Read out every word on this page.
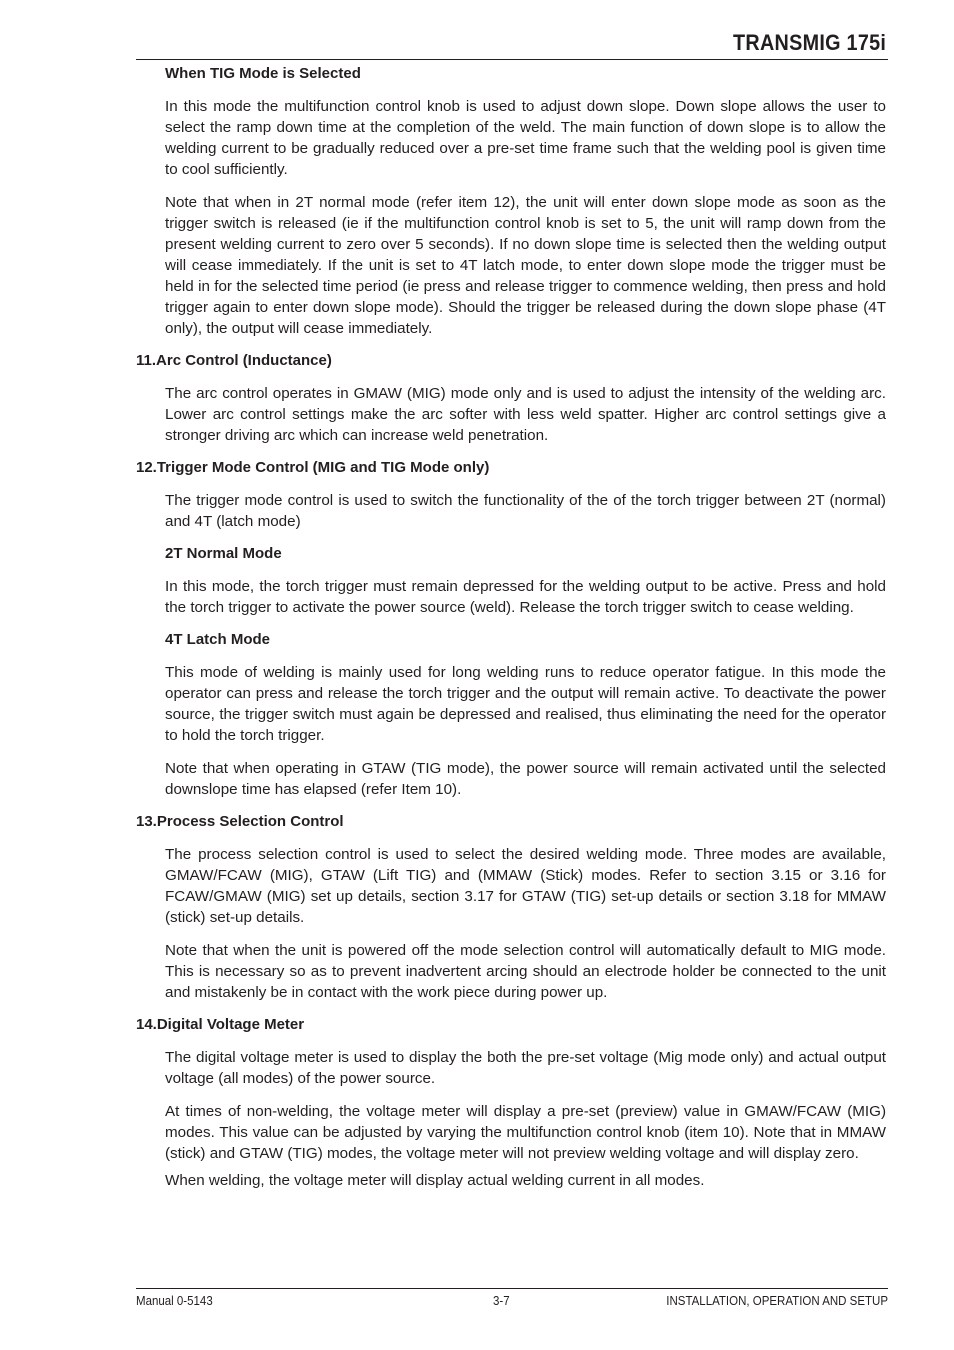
TRANSMIG 175i
When TIG Mode is Selected

In this mode the multifunction control knob is used to adjust down slope. Down slope allows the user to select the ramp down time at the completion of the weld. The main function of down slope is to allow the welding current to be gradually reduced over a pre-set time frame such that the welding pool is given time to cool sufficiently.

Note that when in 2T normal mode (refer item 12), the unit will enter down slope mode as soon as the trigger switch is released (ie if the multifunction control knob is set to 5, the unit will ramp down from the present welding current to zero over 5 seconds). If no down slope time is selected then the welding output will cease immediately. If the unit is set to 4T latch mode, to enter down slope mode the trigger must be held in for the selected time period (ie press and release trigger to commence welding, then press and hold trigger again to enter down slope mode). Should the trigger be released during the down slope phase (4T only), the output will cease immediately.

11.Arc Control (Inductance)

The arc control operates in GMAW (MIG) mode only and is used to adjust the intensity of the welding arc. Lower arc control settings make the arc softer with less weld spatter. Higher arc control settings give a stronger driving arc which can increase weld penetration.

12.Trigger Mode Control (MIG and TIG Mode only)

The trigger mode control is used to switch the functionality of the of the torch trigger between 2T (normal) and 4T (latch mode)

2T Normal Mode

In this mode, the torch trigger must remain depressed for the welding output to be active. Press and hold the torch trigger to activate the power source (weld). Release the torch trigger switch to cease welding.

4T Latch Mode

This mode of welding is mainly used for long welding runs to reduce operator fatigue. In this mode the operator can press and release the torch trigger and the output will remain active. To deactivate the power source, the trigger switch must again be depressed and realised, thus eliminating the need for the operator to hold the torch trigger.

Note that when operating in GTAW (TIG mode), the power source will remain activated until the selected downslope time has elapsed (refer Item 10).

13.Process Selection Control

The process selection control is used to select the desired welding mode. Three modes are available, GMAW/FCAW (MIG), GTAW (Lift TIG) and (MMAW (Stick) modes. Refer to section 3.15 or 3.16 for FCAW/GMAW (MIG) set up details, section 3.17 for GTAW (TIG) set-up details or section 3.18 for MMAW (stick) set-up details.

Note that when the unit is powered off the mode selection control will automatically default to MIG mode. This is necessary so as to prevent inadvertent arcing should an electrode holder be connected to the unit and mistakenly be in contact with the work piece during power up.

14.Digital Voltage Meter

The digital voltage meter is used to display the both the pre-set voltage (Mig mode only) and actual output voltage (all modes) of the power source.

At times of non-welding, the voltage meter will display a pre-set (preview) value in GMAW/FCAW (MIG) modes. This value can be adjusted by varying the multifunction control knob (item 10). Note that in MMAW (stick) and GTAW (TIG) modes, the voltage meter will not preview welding voltage and will display zero.

When welding, the voltage meter will display actual welding current in all modes.

Manual 0-5143	3-7	INSTALLATION, OPERATION AND SETUP
